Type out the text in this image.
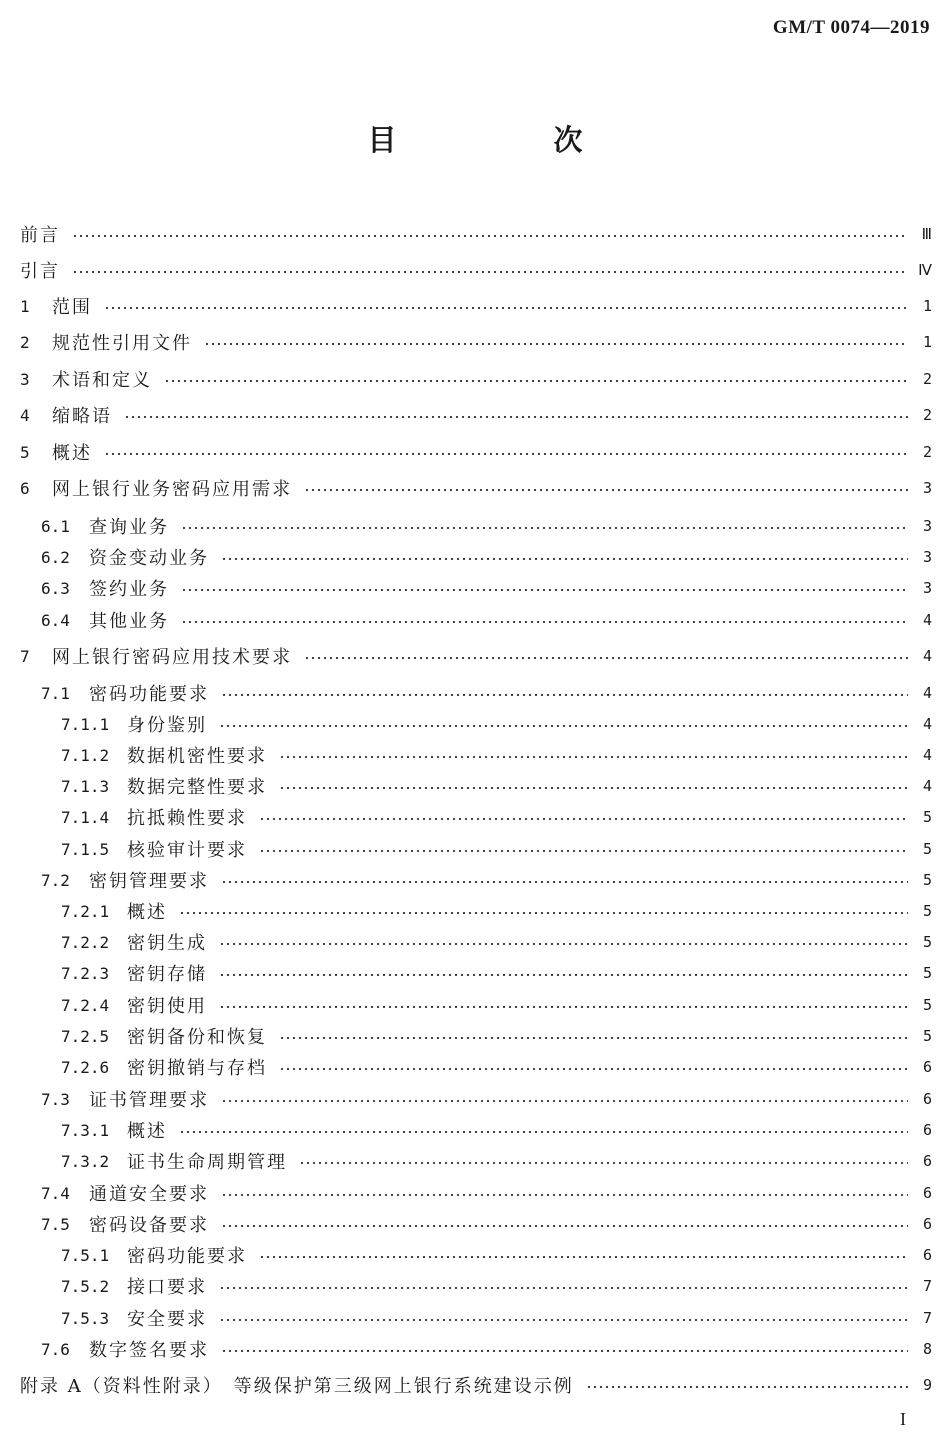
GM/T 0074—2019
目　次
前言	Ⅲ
引言	Ⅳ
1	范围	1
2	规范性引用文件	1
3	术语和定义	2
4	缩略语	2
5	概述	2
6	网上银行业务密码应用需求	3
6.1	查询业务	3
6.2	资金变动业务	3
6.3	签约业务	3
6.4	其他业务	4
7	网上银行密码应用技术要求	4
7.1	密码功能要求	4
7.1.1 身份鉴别	4
7.1.2 数据机密性要求	4
7.1.3 数据完整性要求	4
7.1.4 抗抵赖性要求	5
7.1.5 核验审计要求	5
7.2	密钥管理要求	5
7.2.1 概述	5
7.2.2 密钥生成	5
7.2.3 密钥存储	5
7.2.4 密钥使用	5
7.2.5 密钥备份和恢复	5
7.2.6 密钥撤销与存档	6
7.3	证书管理要求	6
7.3.1 概述	6
7.3.2 证书生命周期管理	6
7.4	通道安全要求	6
7.5	密码设备要求	6
7.5.1 密码功能要求	6
7.5.2 接口要求	7
7.5.3 安全要求	7
7.6	数字签名要求	8
附录 A（资料性附录）　等级保护第三级网上银行系统建设示例	9
I
